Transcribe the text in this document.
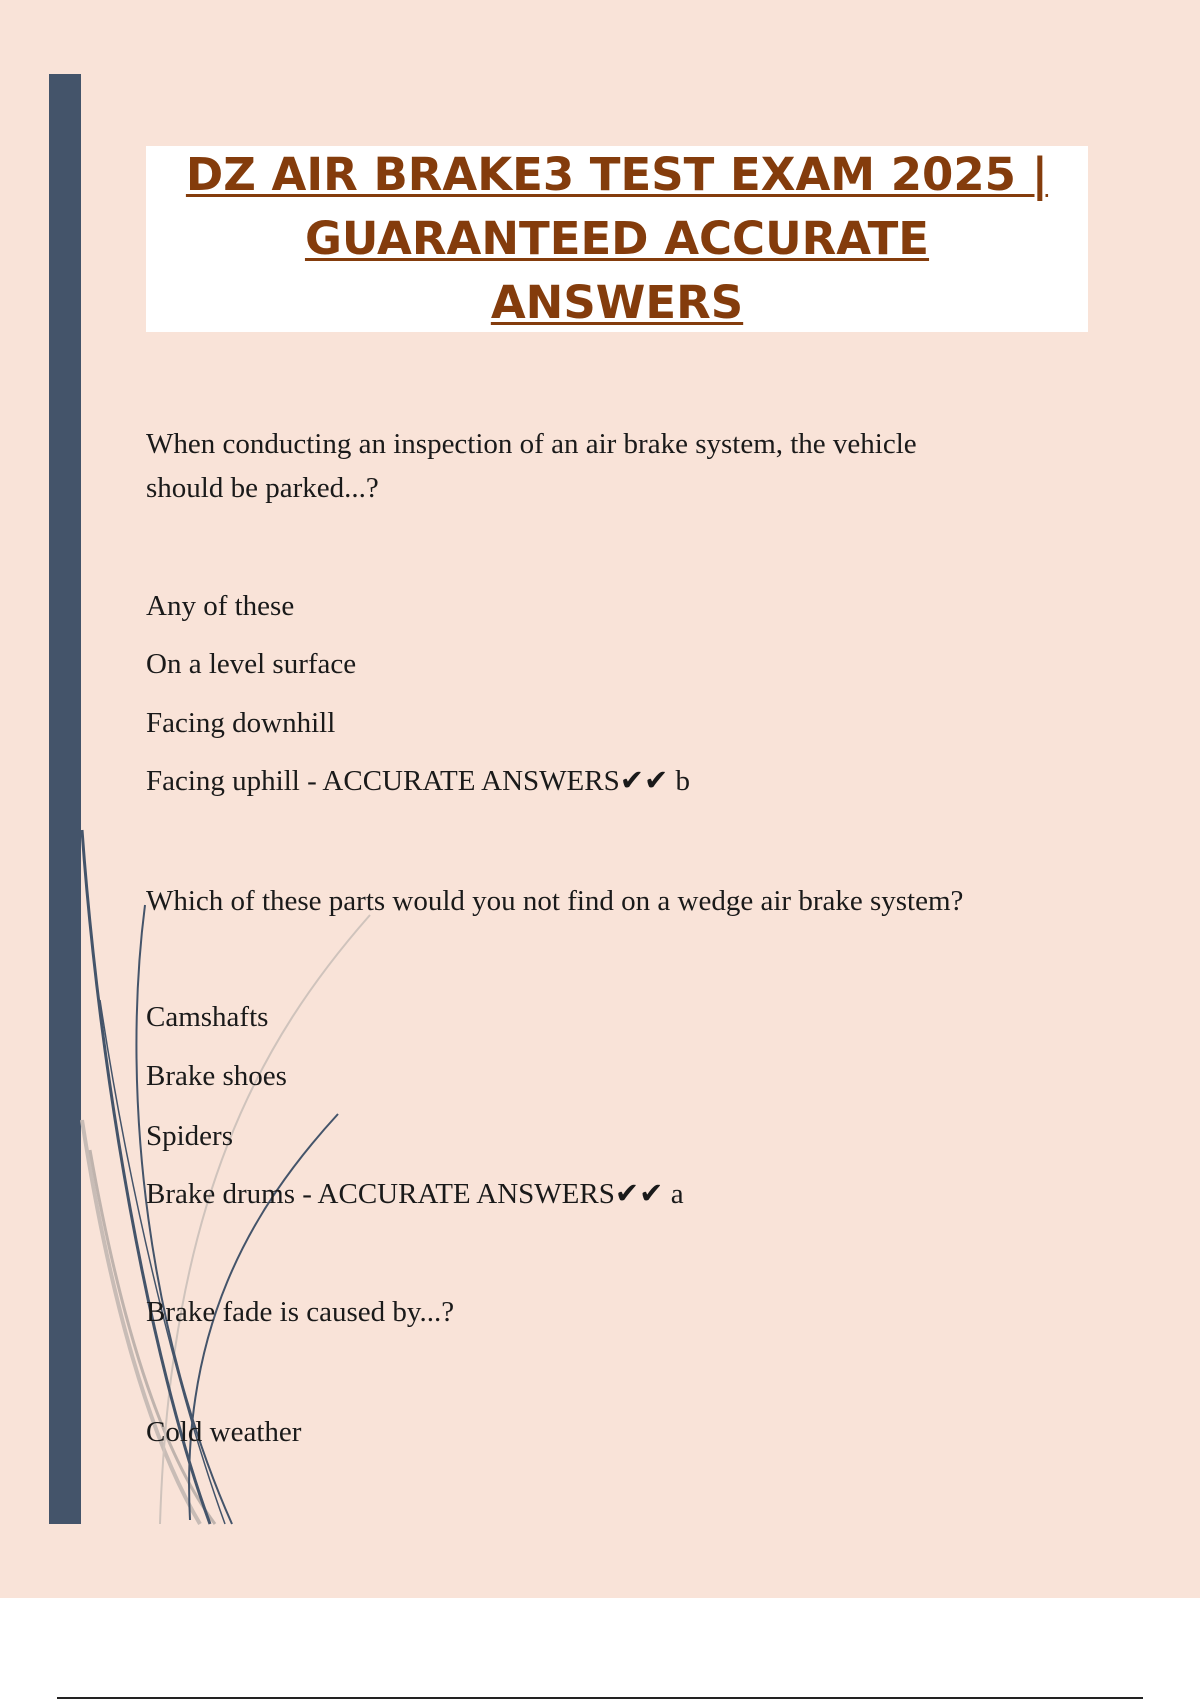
DZ AIR BRAKE3 TEST EXAM 2025 |
GUARANTEED ACCURATE
ANSWERS
When conducting an inspection of an air brake system, the vehicle
should be parked...?
Any of these
On a level surface
Facing downhill
Facing uphill - ACCURATE ANSWERS✔✔ b
Which of these parts would you not find on a wedge air brake system?
Camshafts
Brake shoes
Spiders
Brake drums - ACCURATE ANSWERS✔✔ a
Brake fade is caused by...?
Cold weather
